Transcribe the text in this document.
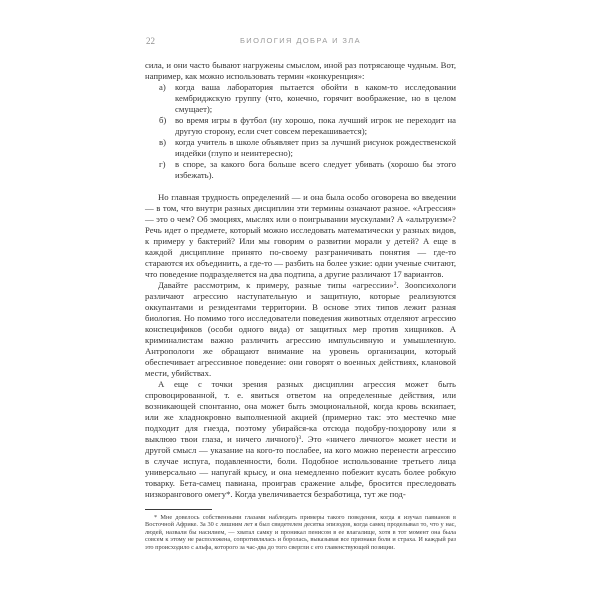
22	БИОЛОГИЯ ДОБРА И ЗЛА

сила, и они часто бывают нагружены смыслом, иной раз потрясающе чудным. Вот, например, как можно использовать термин «конкуренция»:

а) когда ваша лаборатория пытается обойти в каком-то исследовании кембриджскую группу (что, конечно, горячит воображение, но в целом смущает);
б) во время игры в футбол (ну хорошо, пока лучший игрок не переходит на другую сторону, если счет совсем перекашивается);
в) когда учитель в школе объявляет приз за лучший рисунок рождественской индейки (глупо и неинтересно);
г) в споре, за какого бога больше всего следует убивать (хорошо бы этого избежать).

Но главная трудность определений — и она была особо оговорена во введении — в том, что внутри разных дисциплин эти термины означают разное. «Агрессия» — это о чем? Об эмоциях, мыслях или о поигрывании мускулами? А «альтруизм»? Речь идет о предмете, который можно исследовать математически у разных видов, к примеру у бактерий? Или мы говорим о развитии морали у детей? А еще в каждой дисциплине принято по-своему разграничивать понятия — где-то стараются их объединить, а где-то — разбить на более узкие: одни ученые считают, что поведение подразделяется на два подтипа, а другие различают 17 вариантов.

Давайте рассмотрим, к примеру, разные типы «агрессии»$^2$. Зоопсихологи различают агрессию наступательную и защитную, которые реализуются оккупантами и резидентами территории. В основе этих типов лежит разная биология. Но помимо того исследователи поведения животных отделяют агрессию конспецификов (особи одного вида) от защитных мер против хищников. А криминалистам важно различить агрессию импульсивную и умышленную. Антропологи же обращают внимание на уровень организации, который обеспечивает агрессивное поведение: они говорят о военных действиях, клановой мести, убийствах.

А еще с точки зрения разных дисциплин агрессия может быть спровоцированной, т. е. явиться ответом на определенные действия, или возникающей спонтанно, она может быть эмоциональной, когда кровь вскипает, или же хладнокровно выполненной акцией (примерно так: это местечко мне подходит для гнезда, поэтому убирайся-ка отсюда подобру-поздорову или я выклюю твои глаза, и ничего личного)$^3$. Это «ничего личного» может нести и другой смысл — указание на кого-то послабее, на кого можно перенести агрессию в случае испуга, подавленности, боли. Подобное использование третьего лица универсально — напугай крысу, и она немедленно побежит кусать более робкую товарку. Бета-самец павиана, проиграв сражение альфе, бросится преследовать низкорангового омегу*. Когда увеличивается безработица, тут же под-

* Мне довелось собственными глазами наблюдать примеры такого поведения, когда я изучал павианов в Восточной Африке. За 30 с лишним лет я был свидетелем десятка эпизодов, когда самец проделывал то, что у нас, людей, назвали бы насилием, — хватал самку и проникал пенисом в ее влагалище, хотя в тот момент она была совсем к этому не расположена, сопротивлялась и боролась, выказывая все признаки боли и страха. И каждый раз это происходило с альфа, которого за час-два до того свергли с его главенствующей позиции.
